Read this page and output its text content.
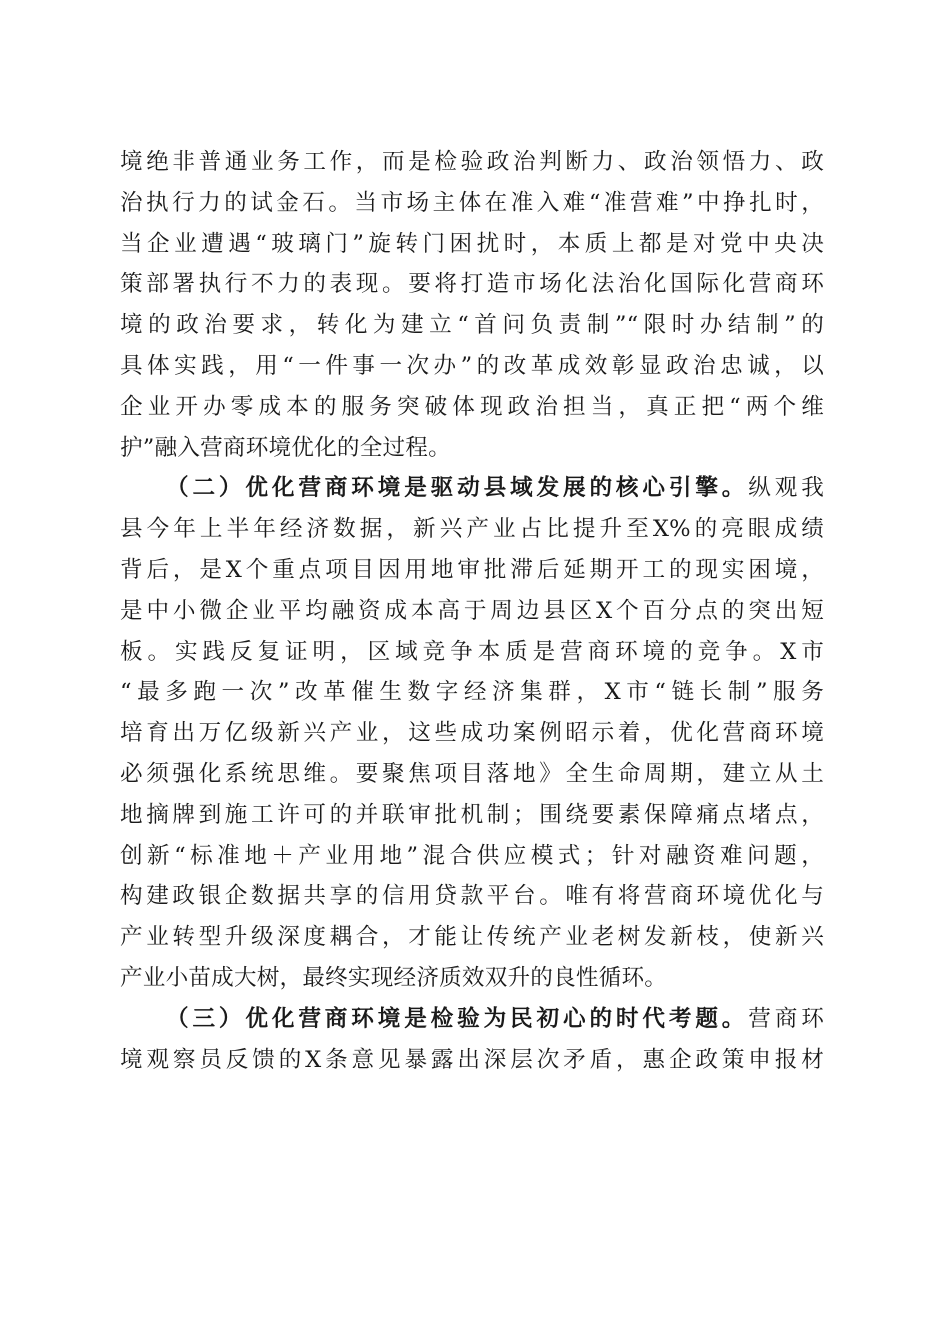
境绝非普通业务工作，而是检验政治判断力、政治领悟力、政
治执行力的试金石。当市场主体在准入难“准营难”中挣扎时，
当企业遭遇“玻璃门”旋转门困扰时，本质上都是对党中央决
策部署执行不力的表现。要将打造市场化法治化国际化营商环
境的政治要求，转化为建立“首问负责制”“限时办结制”的
具体实践，用“一件事一次办”的改革成效彰显政治忠诚，以
企业开办零成本的服务突破体现政治担当，真正把“两个维
护”融入营商环境优化的全过程。
（二）优化营商环境是驱动县域发展的核心引擎。纵观我
县今年上半年经济数据，新兴产业占比提升至X%的亮眼成绩
背后，是X个重点项目因用地审批滞后延期开工的现实困境，
是中小微企业平均融资成本高于周边县区X个百分点的突出短
板。实践反复证明，区域竞争本质是营商环境的竞争。X市
“最多跑一次”改革催生数字经济集群，X市“链长制”服务
培育出万亿级新兴产业，这些成功案例昭示着，优化营商环境
必须强化系统思维。要聚焦项目落地》全生命周期，建立从土
地摘牌到施工许可的并联审批机制；围绕要素保障痛点堵点，
创新“标准地＋产业用地”混合供应模式；针对融资难问题，
构建政银企数据共享的信用贷款平台。唯有将营商环境优化与
产业转型升级深度耦合，才能让传统产业老树发新枝，使新兴
产业小苗成大树，最终实现经济质效双升的良性循环。
（三）优化营商环境是检验为民初心的时代考题。营商环
境观察员反馈的X条意见暴露出深层次矛盾，惠企政策申报材
